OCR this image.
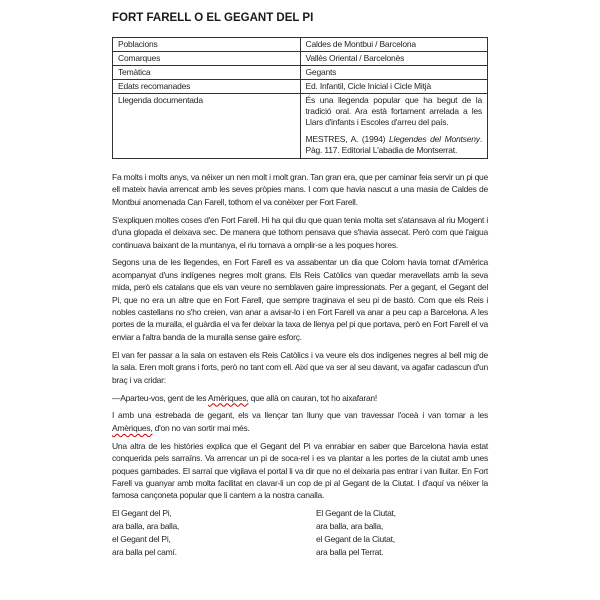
FORT FARELL O EL GEGANT DEL PI
Poblacions	Caldes de Montbui / Barcelona
Comarques	Vallès Oriental / Barcelonès
Temàtica	Gegants
Edats recomanades	Ed. Infantil, Cicle Inicial i Cicle Mitjà
Llegenda documentada	És una llegenda popular que ha begut de la tradició oral. Ara està fortament arrelada a les Llars d'infants i Escoles d'arreu del país.

MESTRES, A. (1994) Llegendes del Montseny. Pàg. 117. Editorial L'abadia de Montserrat.

Fa molts i molts anys, va néixer un nen molt i molt gran. Tan gran era, que per caminar feia servir un pi que ell mateix havia arrencat amb les seves pròpies mans. I com que havia nascut a una masia de Caldes de Montbui anomenada Can Farell, tothom el va conèixer per Fort Farell.

S'expliquen moltes coses d'en Fort Farell. Hi ha qui diu que quan tenia molta set s'atansava al riu Mogent i d'una glopada el deixava sec. De manera que tothom pensava que s'havia assecat. Però com que l'aigua continuava baixant de la muntanya, el riu tornava a omplir-se a les poques hores.

Segons una de les llegendes, en Fort Farell es va assabentar un dia que Colom havia tornat d'Amèrica acompanyat d'uns indígenes negres molt grans. Els Reis Catòlics van quedar meravellats amb la seva mida, però els catalans que els van veure no semblaven gaire impressionats. Per a gegant, el Gegant del Pi, que no era un altre que en Fort Farell, que sempre traginava el seu pi de bastó. Com que els Reis i nobles castellans no s'ho creien, van anar a avisar-lo i en Fort Farell va anar a peu cap a Barcelona. A les portes de la muralla, el guàrdia el va fer deixar la taxa de llenya pel pi que portava, però en Fort Farell el va enviar a l'altra banda de la muralla sense gaire esforç.

El van fer passar a la sala on estaven els Reis Catòlics i va veure els dos indígenes negres al bell mig de la sala. Eren molt grans i forts, però no tant com ell. Així que va ser al seu davant, va agafar cadascun d'un braç i va cridar:

—Aparteu-vos, gent de les Amèriques, que allà on cauran, tot ho aixafaran!

I amb una estrebada de gegant, els va llençar tan lluny que van travessar l'oceà i van tornar a les Amèriques, d'on no van sortir mai més.

Una altra de les històries explica que el Gegant del Pi va enrabiar en saber que Barcelona havia estat conquerida pels sarraïns. Va arrencar un pi de soca-rel i es va plantar a les portes de la ciutat amb unes poques gambades. El sarraí que vigilava el portal li va dir que no el deixaria pas entrar i van lluitar. En Fort Farell va guanyar amb molta facilitat en clavar-li un cop de pi al Gegant de la Ciutat. I d'aquí va néixer la famosa cançoneta popular que li cantem a la nostra canalla.

El Gegant del Pi,

ara balla, ara balla,

el Gegant del Pi,

ara balla pel camí.

El Gegant de la Ciutat,

ara balla, ara balla,

el Gegant de la Ciutat,

ara balla pel Terrat.
